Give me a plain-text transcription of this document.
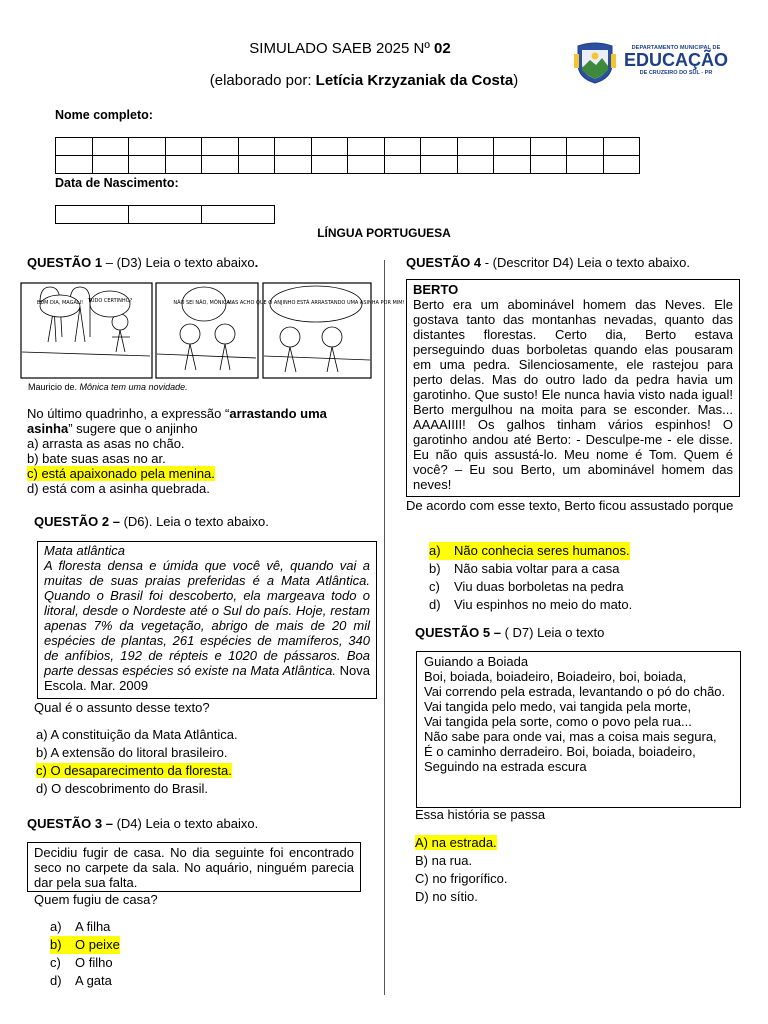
SIMULADO SAEB 2025 Nº 02
(elaborado por: Letícia Krzyzaniak da Costa)
DEPARTAMENTO MUNICIPAL DE
EDUCAÇÃO
DE CRUZEIRO DO SUL - PR
Nome completo:

Data de Nascimento:

LÍNGUA PORTUGUESA
QUESTÃO 1 – (D3) Leia o texto abaixo.
BOM DIA, MAGALI! TUDO CERTINHO?	NÃO SEI NÃO, MÔNICA...
MAS ACHO QUE O ANJINHO ESTÁ ARRASTANDO UMA ASINHA POR MIM!
Mauricio de. Mônica tem uma novidade.
No último quadrinho, a expressão “arrastando uma asinha” sugere que o anjinho
a) arrasta as asas no chão.
b) bate suas asas no ar.
c) está apaixonado pela menina.
d) está com a asinha quebrada.
QUESTÃO 2 – (D6). Leia o texto abaixo.
Mata atlântica
A floresta densa e úmida que você vê, quando vai a muitas de suas praias preferidas é a Mata Atlântica. Quando o Brasil foi descoberto, ela margeava todo o litoral, desde o Nordeste até o Sul do país. Hoje, restam apenas 7% da vegetação, abrigo de mais de 20 mil espécies de plantas, 261 espécies de mamíferos, 340 de anfíbios, 192 de répteis e 1020 de pássaros. Boa parte dessas espécies só existe na Mata Atlântica. Nova Escola. Mar. 2009
Qual é o assunto desse texto?
a) A constituição da Mata Atlântica.
b) A extensão do litoral brasileiro.
c) O desaparecimento da floresta.
d) O descobrimento do Brasil.
QUESTÃO 3 – (D4) Leia o texto abaixo.
Decidiu fugir de casa. No dia seguinte foi encontrado seco no carpete da sala. No aquário, ninguém parecia dar pela sua falta.
Quem fugiu de casa?
a)	A filha
b)	O peixe
c)	O filho
d)	A gata
QUESTÃO 4 - (Descritor D4) Leia o texto abaixo.
BERTO
Berto era um abominável homem das Neves. Ele gostava tanto das montanhas nevadas, quanto das distantes florestas. Certo dia, Berto estava perseguindo duas borboletas quando elas pousaram em uma pedra. Silenciosamente, ele rastejou para perto delas. Mas do outro lado da pedra havia um garotinho. Que susto! Ele nunca havia visto nada igual! Berto mergulhou na moita para se esconder. Mas... AAAAIIII! Os galhos tinham vários espinhos! O garotinho andou até Berto: - Desculpe-me - ele disse. Eu não quis assustá-lo. Meu nome é Tom. Quem é você? – Eu sou Berto, um abominável homem das neves!
De acordo com esse texto, Berto ficou assustado porque
a)	Não conhecia seres humanos.
b)	Não sabia voltar para a casa
c)	Viu duas borboletas na pedra
d)	Viu espinhos no meio do mato.
QUESTÃO 5 – ( D7) Leia o texto
Guiando a Boiada
Boi, boiada, boiadeiro, Boiadeiro, boi, boiada,
Vai correndo pela estrada, levantando o pó do chão.
Vai tangida pelo medo, vai tangida pela morte,
Vai tangida pela sorte, como o povo pela rua...
Não sabe para onde vai, mas a coisa mais segura,
É o caminho derradeiro. Boi, boiada, boiadeiro,
Seguindo na estrada escura
Essa história se passa
A) na estrada.
B) na rua.
C) no frigorífico.
D) no sítio.
